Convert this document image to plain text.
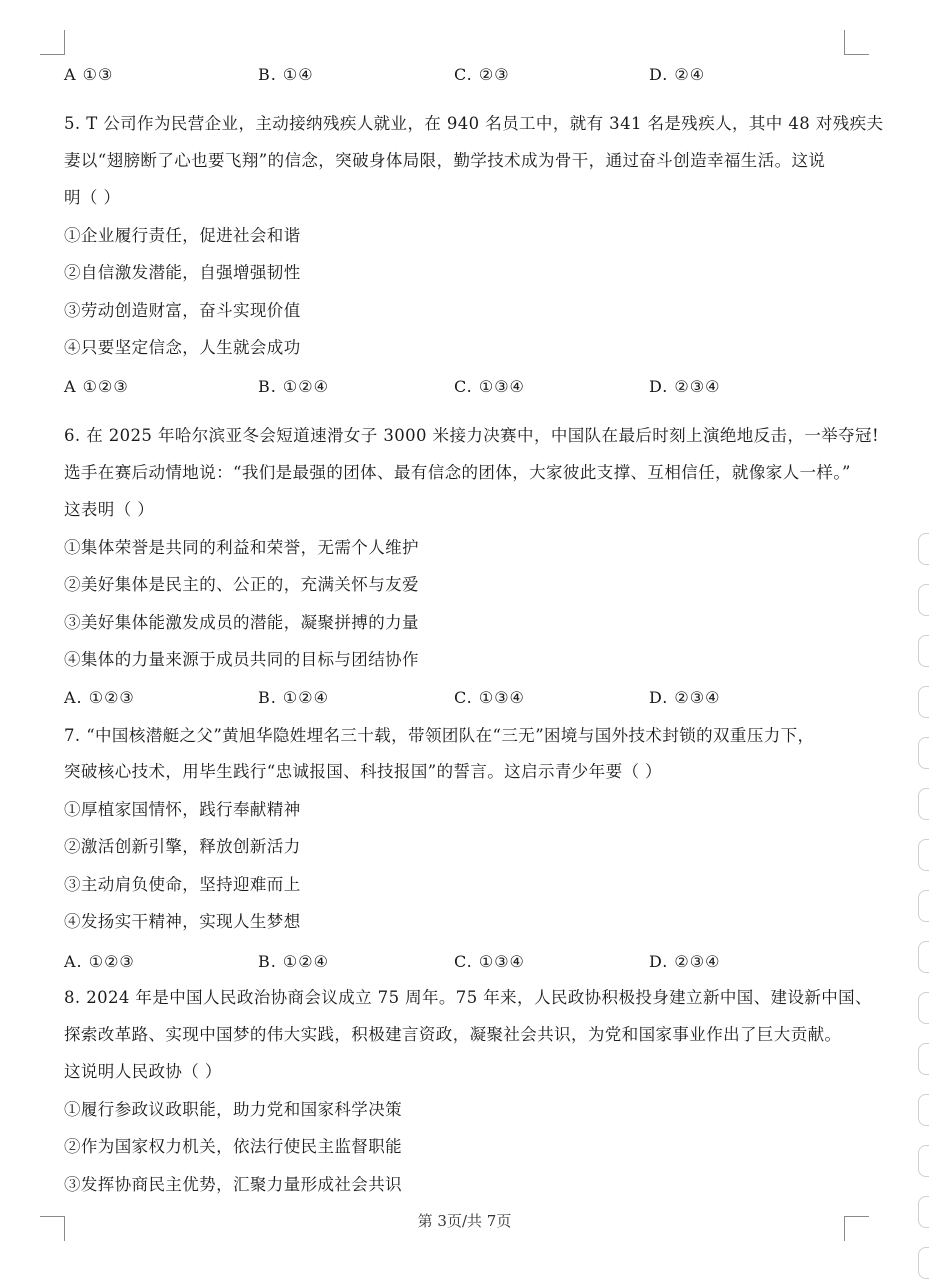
A ①③	B. ①④	C. ②③	D. ②④
5. T 公司作为民营企业，主动接纳残疾人就业，在 940 名员工中，就有 341 名是残疾人，其中 48 对残疾夫
妻以“翅膀断了心也要飞翔”的信念，突破身体局限，勤学技术成为骨干，通过奋斗创造幸福生活。这说
明（ ）
①企业履行责任，促进社会和谐
②自信激发潜能，自强增强韧性
③劳动创造财富，奋斗实现价值
④只要坚定信念，人生就会成功
A ①②③	B. ①②④	C. ①③④	D. ②③④
6. 在 2025 年哈尔滨亚冬会短道速滑女子 3000 米接力决赛中，中国队在最后时刻上演绝地反击，一举夺冠!
选手在赛后动情地说：“我们是最强的团体、最有信念的团体，大家彼此支撑、互相信任，就像家人一样。”
这表明（ ）
①集体荣誉是共同的利益和荣誉，无需个人维护
②美好集体是民主的、公正的，充满关怀与友爱
③美好集体能激发成员的潜能，凝聚拼搏的力量
④集体的力量来源于成员共同的目标与团结协作
A. ①②③	B. ①②④	C. ①③④	D. ②③④
7. “中国核潜艇之父”黄旭华隐姓埋名三十载，带领团队在“三无”困境与国外技术封锁的双重压力下，
突破核心技术，用毕生践行“忠诚报国、科技报国”的誓言。这启示青少年要（ ）
①厚植家国情怀，践行奉献精神
②激活创新引擎，释放创新活力
③主动肩负使命，坚持迎难而上
④发扬实干精神，实现人生梦想
A. ①②③	B. ①②④	C. ①③④	D. ②③④
8. 2024 年是中国人民政治协商会议成立 75 周年。75 年来，人民政协积极投身建立新中国、建设新中国、
探索改革路、实现中国梦的伟大实践，积极建言资政，凝聚社会共识，为党和国家事业作出了巨大贡献。
这说明人民政协（ ）
①履行参政议政职能，助力党和国家科学决策
②作为国家权力机关，依法行使民主监督职能
③发挥协商民主优势，汇聚力量形成社会共识
第 3页/共 7页
